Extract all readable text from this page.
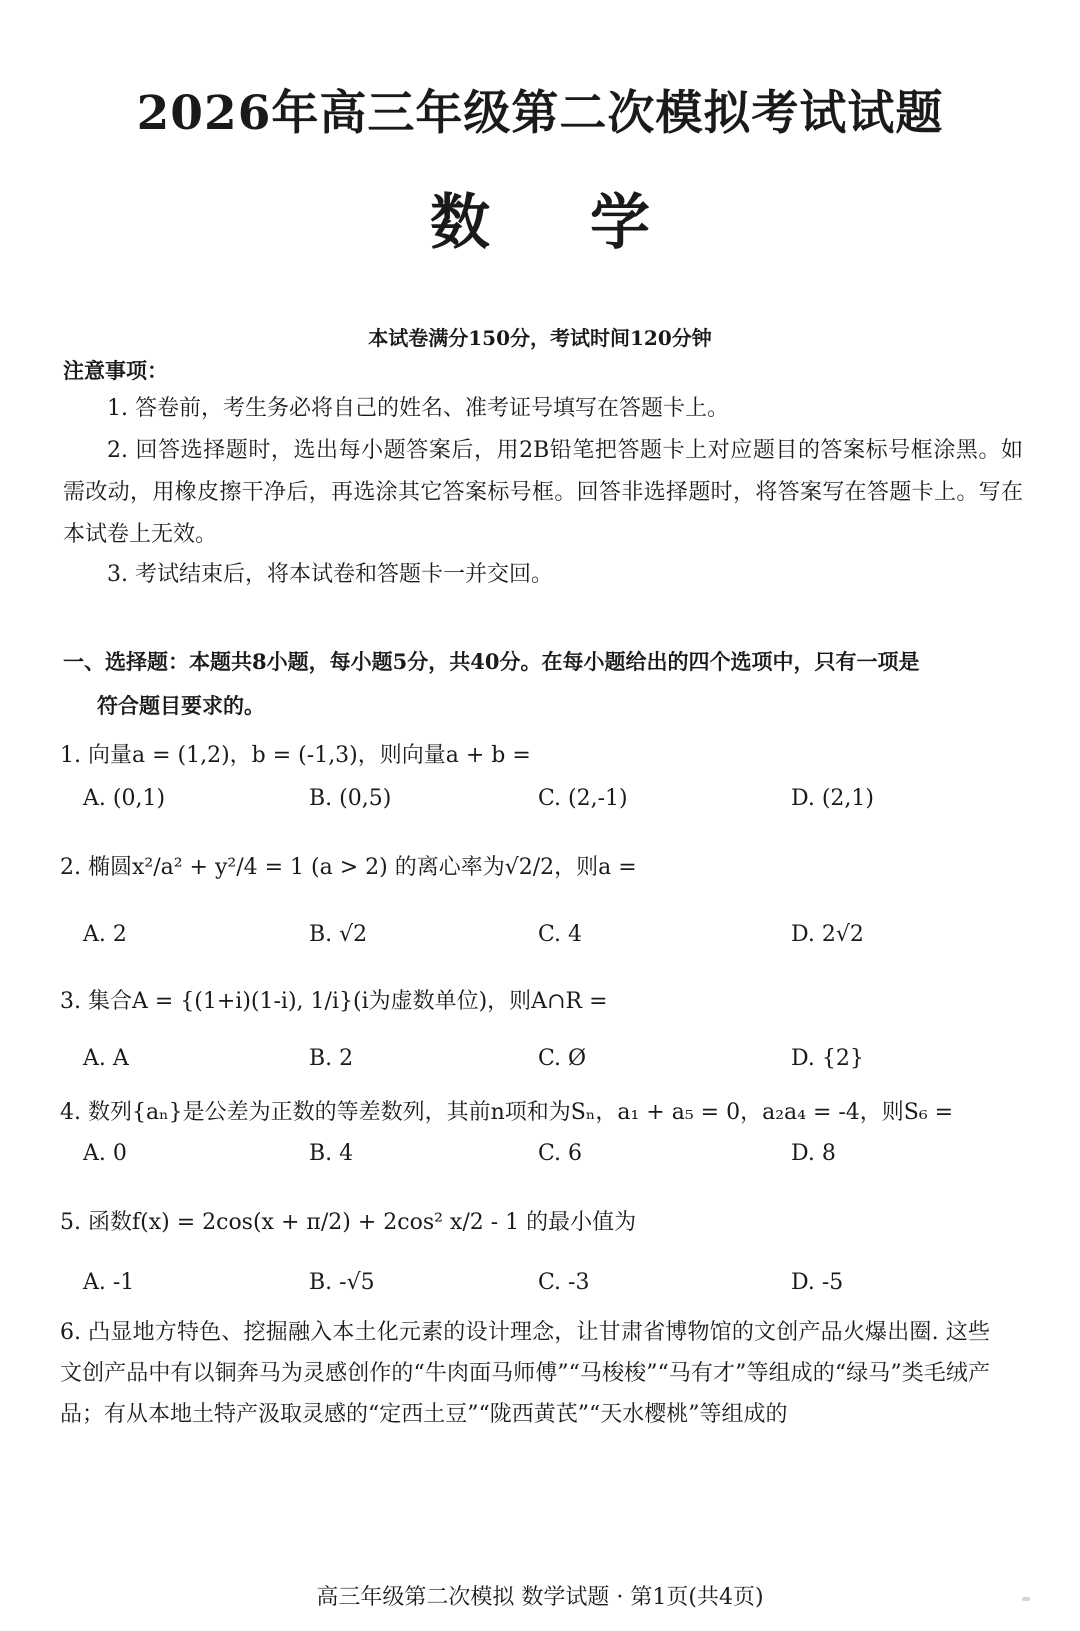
2026年高三年级第二次模拟考试试题
数学
本试卷满分150分，考试时间120分钟
注意事项：
1. 答卷前，考生务必将自己的姓名、准考证号填写在答题卡上。
2. 回答选择题时，选出每小题答案后，用2B铅笔把答题卡上对应题目的答案标号框涂黑。如需改动，用橡皮擦干净后，再选涂其它答案标号框。回答非选择题时，将答案写在答题卡上。写在本试卷上无效。
3. 考试结束后，将本试卷和答题卡一并交回。
一、选择题：本题共8小题，每小题5分，共40分。在每小题给出的四个选项中，只有一项是
符合题目要求的。
1. 向量a = (1,2)，b = (-1,3)，则向量a + b =
A. (0,1)	B. (0,5)	C. (2,-1)	D. (2,1)
2. 椭圆x²/a² + y²/4 = 1 (a > 2) 的离心率为√2/2，则a =
A. 2	B. √2	C. 4	D. 2√2
3. 集合A = {(1+i)(1-i), 1/i}(i为虚数单位)，则A∩R =
A. A	B. 2	C. Ø	D. {2}
4. 数列{aₙ}是公差为正数的等差数列，其前n项和为Sₙ，a₁ + a₅ = 0，a₂a₄ = -4，则S₆ =
A. 0	B. 4	C. 6	D. 8
5. 函数f(x) = 2cos(x + π/2) + 2cos² x/2 - 1 的最小值为
A. -1	B. -√5	C. -3	D. -5
6. 凸显地方特色、挖掘融入本土化元素的设计理念，让甘肃省博物馆的文创产品火爆出圈. 这些文创产品中有以铜奔马为灵感创作的“牛肉面马师傅”“马梭梭”“马有才”等组成的“绿马”类毛绒产品；有从本地土特产汲取灵感的“定西土豆”“陇西黄芪”“天水樱桃”等组成的
高三年级第二次模拟 数学试题 · 第1页(共4页)
